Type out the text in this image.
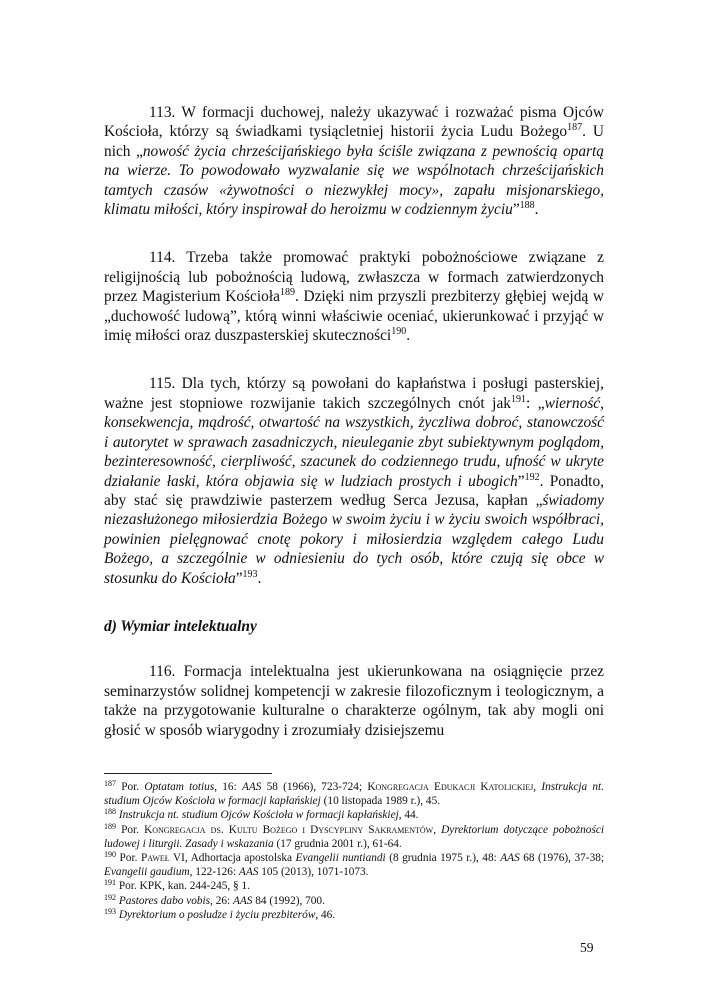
113. W formacji duchowej, należy ukazywać i rozważać pisma Ojców Kościoła, którzy są świadkami tysiącletniej historii życia Ludu Bożego$^{187}$. U nich „nowość życia chrześcijańskiego była ściśle związana z pewnością opartą na wierze. To powodowało wyzwalanie się we wspólnotach chrześcijańskich tamtych czasów «żywotności o niezwykłej mocy», zapału misjonarskiego, klimatu miłości, który inspirował do heroizmu w codziennym życiu”$^{188}$.

114. Trzeba także promować praktyki pobożnościowe związane z religijnością lub pobożnością ludową, zwłaszcza w formach zatwierdzonych przez Magisterium Kościoła$^{189}$. Dzięki nim przyszli prezbiterzy głębiej wejdą w „duchowość ludową”, którą winni właściwie oceniać, ukierunkować i przyjąć w imię miłości oraz duszpasterskiej skuteczności$^{190}$.

115. Dla tych, którzy są powołani do kapłaństwa i posługi pasterskiej, ważne jest stopniowe rozwijanie takich szczególnych cnót jak$^{191}$: „wierność, konsekwencja, mądrość, otwartość na wszystkich, życzliwa dobroć, stanowczość i autorytet w sprawach zasadniczych, nieuleganie zbyt subiektywnym poglądom, bezinteresowność, cierpliwość, szacunek do codziennego trudu, ufność w ukryte działanie łaski, która objawia się w ludziach prostych i ubogich”$^{192}$. Ponadto, aby stać się prawdziwie pasterzem według Serca Jezusa, kapłan „świadomy niezasłużonego miłosierdzia Bożego w swoim życiu i w życiu swoich współbraci, powinien pielęgnować cnotę pokory i miłosierdzia względem całego Ludu Bożego, a szczególnie w odniesieniu do tych osób, które czują się obce w stosunku do Kościoła”$^{193}$.

d) Wymiar intelektualny

116. Formacja intelektualna jest ukierunkowana na osiągnięcie przez seminarzystów solidnej kompetencji w zakresie filozoficznym i teologicznym, a także na przygotowanie kulturalne o charakterze ogólnym, tak aby mogli oni głosić w sposób wiarygodny i zrozumiały dzisiejszemu

$^{187}$ Por. Optatam totius, 16: AAS 58 (1966), 723-724; Kongregacja Edukacji Katolickiej, Instrukcja nt. studium Ojców Kościoła w formacji kapłańskiej (10 listopada 1989 r.), 45.

$^{188}$ Instrukcja nt. studium Ojców Kościoła w formacji kapłańskiej, 44.

$^{189}$ Por. Kongregacja ds. Kultu Bożego i Dyscypliny Sakramentów, Dyrektorium dotyczące pobożności ludowej i liturgii. Zasady i wskazania (17 grudnia 2001 r.), 61-64.

$^{190}$ Por. Paweł VI, Adhortacja apostolska Evangelii nuntiandi (8 grudnia 1975 r.), 48: AAS 68 (1976), 37-38; Evangelii gaudium, 122-126: AAS 105 (2013), 1071-1073.

$^{191}$ Por. KPK, kan. 244-245, § 1.

$^{192}$ Pastores dabo vobis, 26: AAS 84 (1992), 700.

$^{193}$ Dyrektorium o posłudze i życiu prezbiterów, 46.

59
